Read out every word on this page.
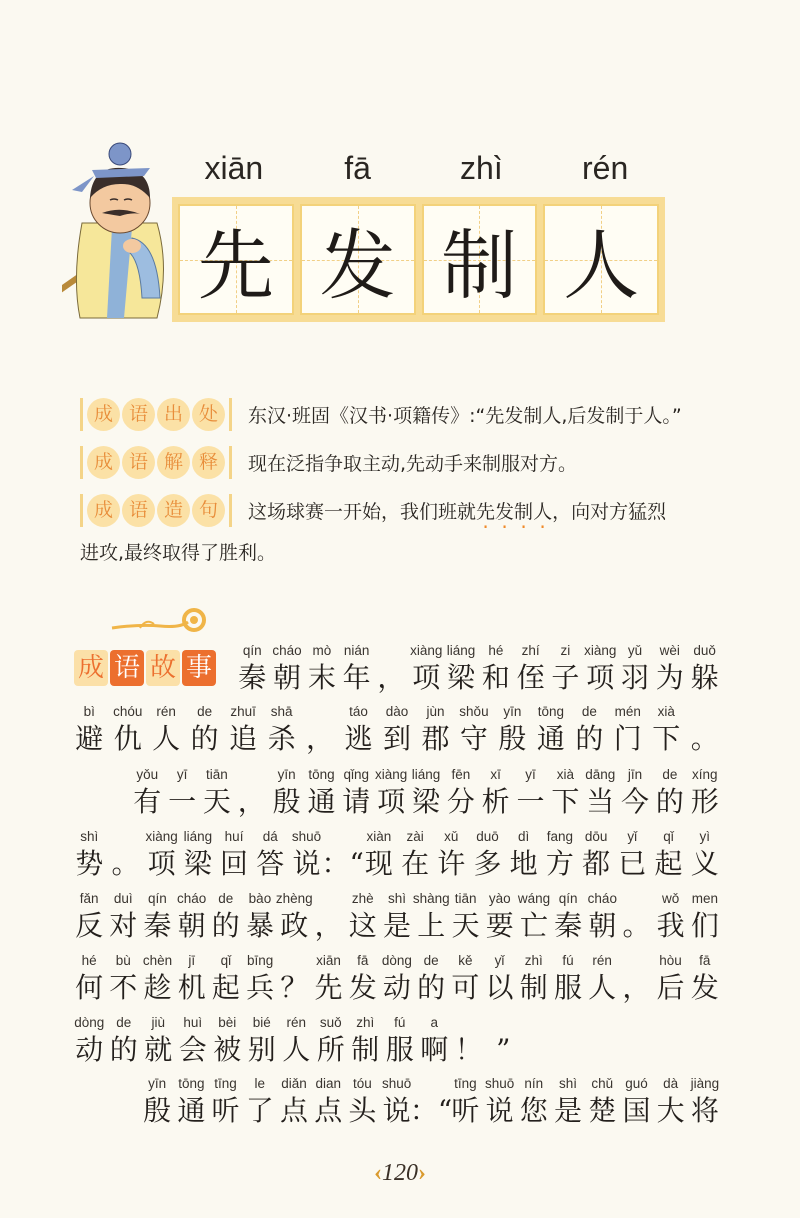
xiān	fā	zhì	rén
先 发 制 人
成 语 出 处	东汉·班固《汉书·项籍传》:“先发制人,后发制于人。”
成 语 解 释	现在泛指争取主动,先动手来制服对方。
成 语 造 句	这场球赛一开始，我们班就先发制人，向对方猛烈
进攻,最终取得了胜利。
成 语 故 事
qín
秦
cháo
朝
mò
末
nián
年 ，
xiàng
项
liáng
梁
hé
和
zhí
侄
zi
子
xiàng
项
yǔ
羽
wèi
为
duǒ
躲
bì
避
chóu
仇
rén
人
de
的
zhuī
追
shā
杀 ，
táo
逃
dào
到
jùn
郡
shǒu
守
yīn
殷
tōng
通
de
的
mén
门
xià
下 。
yǒu
有
yī
一
tiān
天 ，
yīn
殷
tōng
通
qǐng
请
xiàng
项
liáng
梁
fēn
分
xī
析
yī
一
xià
下
dāng
当
jīn
今
de
的
xíng
形
shì
势 。
xiàng
项
liáng
梁
huí
回
dá
答
shuō
说 ：“
xiàn
现
zài
在
xǔ
许
duō
多
dì
地
fang
方
dōu
都
yǐ
已
qǐ
起
yì
义
fǎn
反
duì
对
qín
秦
cháo
朝
de
的
bào
暴
zhèng
政 ，
zhè
这
shì
是
shàng
上
tiān
天
yào
要
wáng
亡
qín
秦
cháo
朝 。
wǒ
我
men
们
hé
何
bù
不
chèn
趁
jī
机
qǐ
起
bīng
兵 ？
xiān
先
fā
发
dòng
动
de
的
kě
可
yǐ
以
zhì
制
fú
服
rén
人 ，
hòu
后
fā
发
dòng
动
de
的
jiù
就
huì
会
bèi
被
bié
别
rén
人
suǒ
所
zhì
制
fú
服
a
啊 ！ ”
yīn
殷
tōng
通
tīng
听
le
了
diǎn
点
dian
点
tóu
头
shuō
说 ：“
tīng
听
shuō
说
nín
您
shì
是
chǔ
楚
guó
国
dà
大
jiàng
将
‹120›
